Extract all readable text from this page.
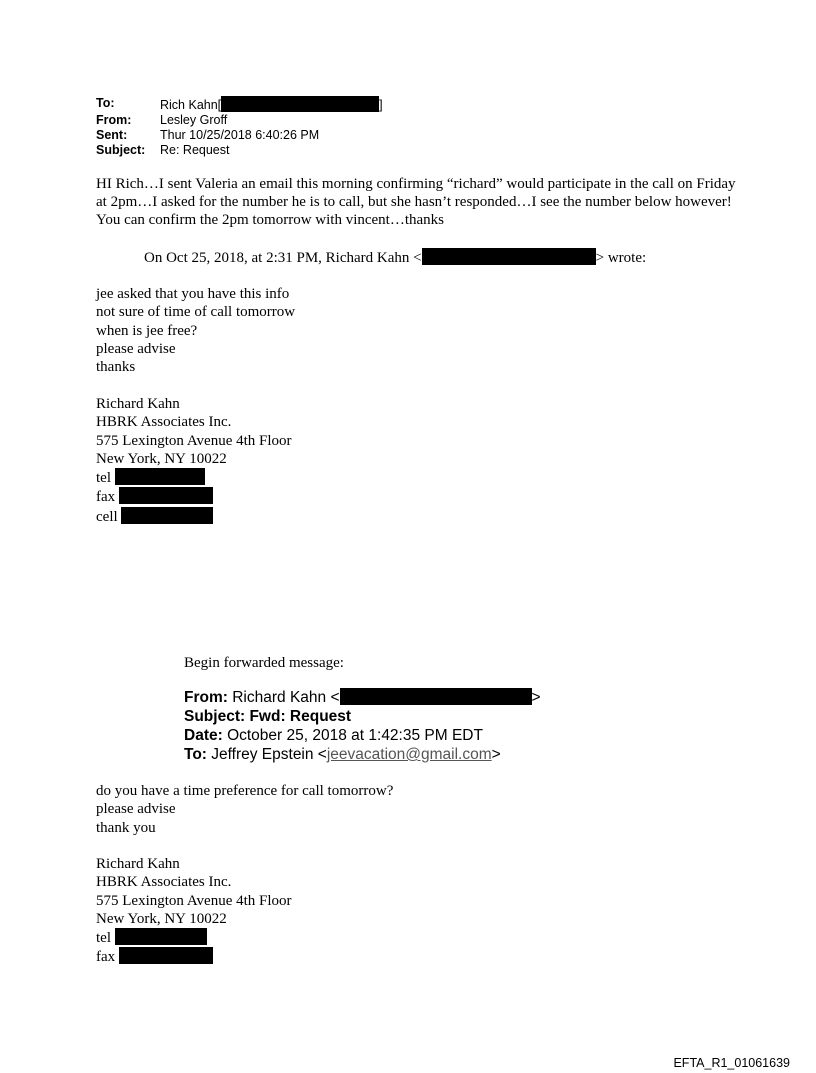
To:	Rich Kahn[	]
From:	Lesley Groff
Sent:	Thur 10/25/2018 6:40:26 PM
Subject:	Re: Request
HI Rich…I sent Valeria an email this morning confirming “richard” would participate in the call on Friday at 2pm…I asked for the number he is to call, but she hasn’t responded…I see the number below however! You can confirm the 2pm tomorrow with vincent…thanks
On Oct 25, 2018, at 2:31 PM, Richard Kahn <	> wrote:
jee asked that you have this info
not sure of time of call tomorrow
when is jee free?
please advise
thanks
Richard Kahn
HBRK Associates Inc.
575 Lexington Avenue 4th Floor
New York, NY 10022
tel
fax
cell
Begin forwarded message:
From: Richard Kahn <	>
Subject: Fwd: Request
Date: October 25, 2018 at 1:42:35 PM EDT
To: Jeffrey Epstein <jeevacation@gmail.com>
do you have a time preference for call tomorrow?
please advise
thank you
Richard Kahn
HBRK Associates Inc.
575 Lexington Avenue 4th Floor
New York, NY 10022
tel
fax
EFTA_R1_01061639
